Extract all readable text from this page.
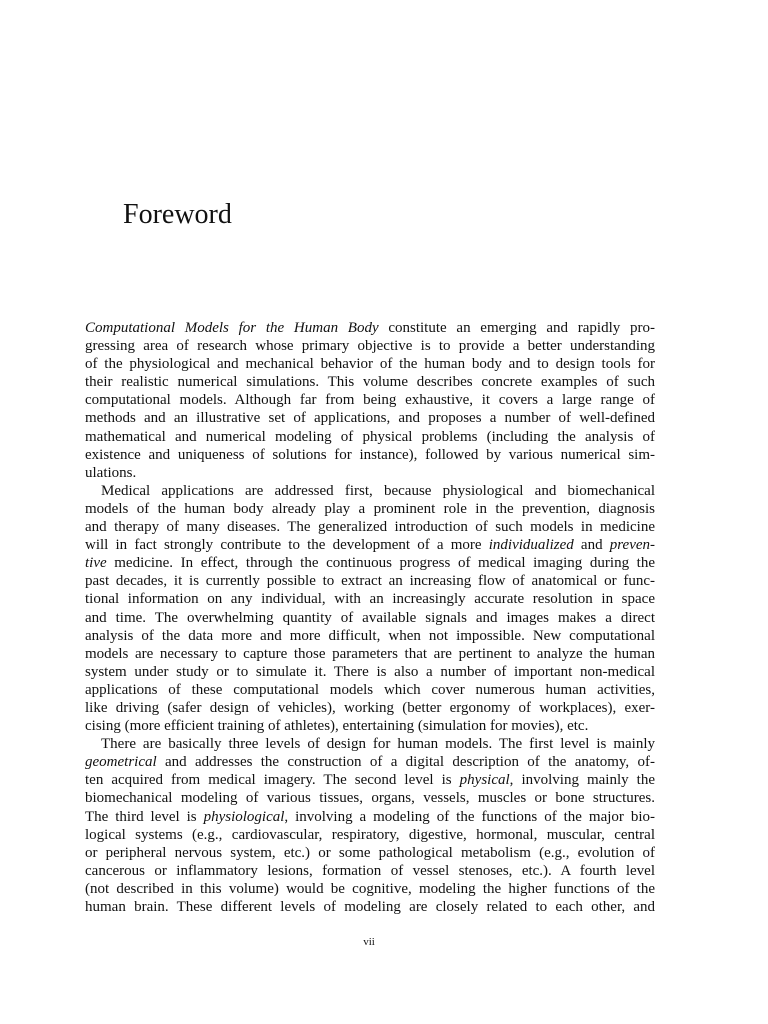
Foreword
Computational Models for the Human Body constitute an emerging and rapidly pro-
gressing area of research whose primary objective is to provide a better understanding
of the physiological and mechanical behavior of the human body and to design tools for
their realistic numerical simulations. This volume describes concrete examples of such
computational models. Although far from being exhaustive, it covers a large range of
methods and an illustrative set of applications, and proposes a number of well-defined
mathematical and numerical modeling of physical problems (including the analysis of
existence and uniqueness of solutions for instance), followed by various numerical sim-
ulations.
Medical applications are addressed first, because physiological and biomechanical
models of the human body already play a prominent role in the prevention, diagnosis
and therapy of many diseases. The generalized introduction of such models in medicine
will in fact strongly contribute to the development of a more individualized and preven-
tive medicine. In effect, through the continuous progress of medical imaging during the
past decades, it is currently possible to extract an increasing flow of anatomical or func-
tional information on any individual, with an increasingly accurate resolution in space
and time. The overwhelming quantity of available signals and images makes a direct
analysis of the data more and more difficult, when not impossible. New computational
models are necessary to capture those parameters that are pertinent to analyze the human
system under study or to simulate it. There is also a number of important non-medical
applications of these computational models which cover numerous human activities,
like driving (safer design of vehicles), working (better ergonomy of workplaces), exer-
cising (more efficient training of athletes), entertaining (simulation for movies), etc.
There are basically three levels of design for human models. The first level is mainly
geometrical and addresses the construction of a digital description of the anatomy, of-
ten acquired from medical imagery. The second level is physical, involving mainly the
biomechanical modeling of various tissues, organs, vessels, muscles or bone structures.
The third level is physiological, involving a modeling of the functions of the major bio-
logical systems (e.g., cardiovascular, respiratory, digestive, hormonal, muscular, central
or peripheral nervous system, etc.) or some pathological metabolism (e.g., evolution of
cancerous or inflammatory lesions, formation of vessel stenoses, etc.). A fourth level
(not described in this volume) would be cognitive, modeling the higher functions of the
human brain. These different levels of modeling are closely related to each other, and
vii
